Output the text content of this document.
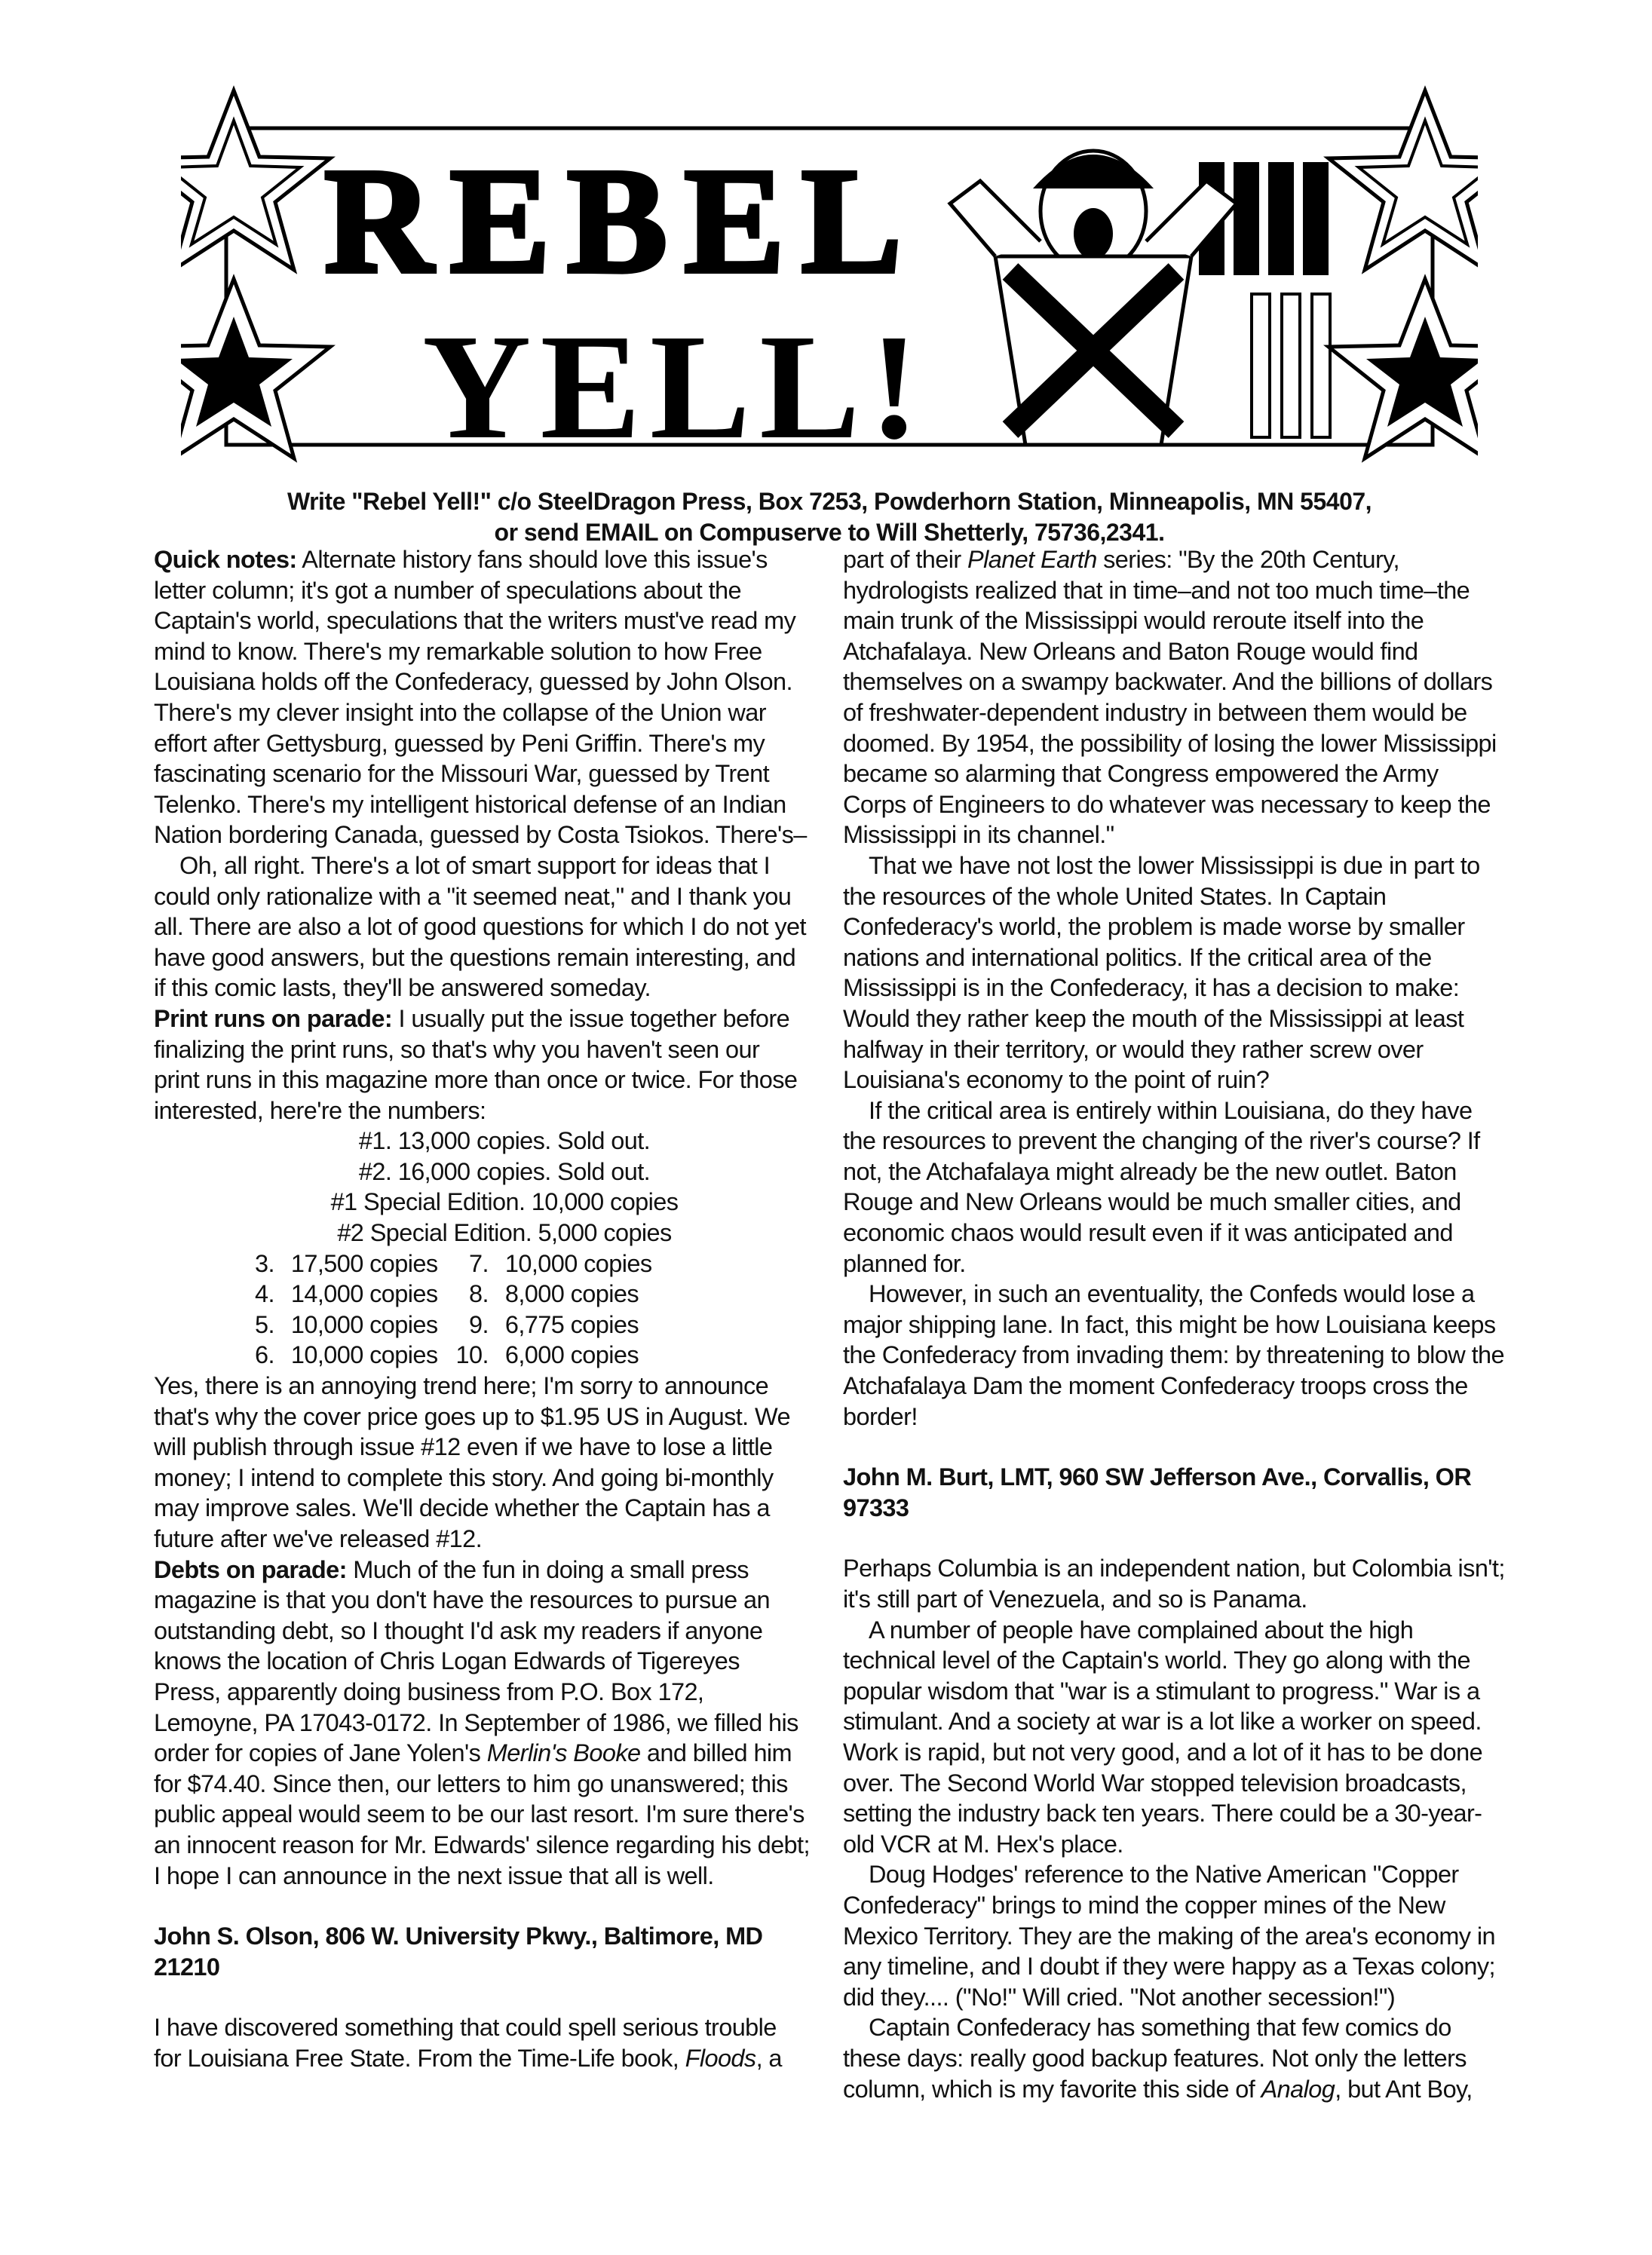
REBEL
YELL!
Write "Rebel Yell!" c/o SteelDragon Press, Box 7253, Powderhorn Station, Minneapolis, MN 55407,
or send EMAIL on Compuserve to Will Shetterly, 75736,2341.

Quick notes: Alternate history fans should love this issue's letter column; it's got a number of speculations about the Captain's world, speculations that the writers must've read my mind to know. There's my remarkable solution to how Free Louisiana holds off the Confederacy, guessed by John Olson. There's my clever insight into the collapse of the Union war effort after Gettysburg, guessed by Peni Griffin. There's my fascinating scenario for the Missouri War, guessed by Trent Telenko. There's my intelligent historical defense of an Indian Nation bordering Canada, guessed by Costa Tsiokos. There's–

Oh, all right. There's a lot of smart support for ideas that I could only rationalize with a "it seemed neat," and I thank you all. There are also a lot of good questions for which I do not yet have good answers, but the questions remain interesting, and if this comic lasts, they'll be answered someday.

Print runs on parade: I usually put the issue together before finalizing the print runs, so that's why you haven't seen our print runs in this magazine more than once or twice. For those interested, here're the numbers:

#1. 13,000 copies. Sold out.

#2. 16,000 copies. Sold out.

#1 Special Edition. 10,000 copies

#2 Special Edition. 5,000 copies

3.	17,500 copies	7.	10,000 copies
4.	14,000 copies	8.	8,000 copies
5.	10,000 copies	9.	6,775 copies
6.	10,000 copies	10.	6,000 copies

Yes, there is an annoying trend here; I'm sorry to announce that's why the cover price goes up to $1.95 US in August. We will publish through issue #12 even if we have to lose a little money; I intend to complete this story. And going bi-monthly may improve sales. We'll decide whether the Captain has a future after we've released #12.

Debts on parade: Much of the fun in doing a small press magazine is that you don't have the resources to pursue an outstanding debt, so I thought I'd ask my readers if anyone knows the location of Chris Logan Edwards of Tigereyes Press, apparently doing business from P.O. Box 172, Lemoyne, PA 17043-0172. In September of 1986, we filled his order for copies of Jane Yolen's Merlin's Booke and billed him for $74.40. Since then, our letters to him go unanswered; this public appeal would seem to be our last resort. I'm sure there's an innocent reason for Mr. Edwards' silence regarding his debt; I hope I can announce in the next issue that all is well.

John S. Olson, 806 W. University Pkwy., Baltimore, MD 21210

I have discovered something that could spell serious trouble for Louisiana Free State. From the Time-Life book, Floods, a

part of their Planet Earth series: "By the 20th Century, hydrologists realized that in time–and not too much time–the main trunk of the Mississippi would reroute itself into the Atchafalaya. New Orleans and Baton Rouge would find themselves on a swampy backwater. And the billions of dollars of freshwater-dependent industry in between them would be doomed. By 1954, the possibility of losing the lower Mississippi became so alarming that Congress empowered the Army Corps of Engineers to do whatever was necessary to keep the Mississippi in its channel."

That we have not lost the lower Mississippi is due in part to the resources of the whole United States. In Captain Confederacy's world, the problem is made worse by smaller nations and international politics. If the critical area of the Mississippi is in the Confederacy, it has a decision to make: Would they rather keep the mouth of the Mississippi at least halfway in their territory, or would they rather screw over Louisiana's economy to the point of ruin?

If the critical area is entirely within Louisiana, do they have the resources to prevent the changing of the river's course? If not, the Atchafalaya might already be the new outlet. Baton Rouge and New Orleans would be much smaller cities, and economic chaos would result even if it was anticipated and planned for.

However, in such an eventuality, the Confeds would lose a major shipping lane. In fact, this might be how Louisiana keeps the Confederacy from invading them: by threatening to blow the Atchafalaya Dam the moment Confederacy troops cross the border!

John M. Burt, LMT, 960 SW Jefferson Ave., Corvallis, OR 97333

Perhaps Columbia is an independent nation, but Colombia isn't; it's still part of Venezuela, and so is Panama.

A number of people have complained about the high technical level of the Captain's world. They go along with the popular wisdom that "war is a stimulant to progress." War is a stimulant. And a society at war is a lot like a worker on speed. Work is rapid, but not very good, and a lot of it has to be done over. The Second World War stopped television broadcasts, setting the industry back ten years. There could be a 30-year-old VCR at M. Hex's place.

Doug Hodges' reference to the Native American "Copper Confederacy" brings to mind the copper mines of the New Mexico Territory. They are the making of the area's economy in any timeline, and I doubt if they were happy as a Texas colony; did they.... ("No!" Will cried. "Not another secession!")

Captain Confederacy has something that few comics do these days: really good backup features. Not only the letters column, which is my favorite this side of Analog, but Ant Boy,
